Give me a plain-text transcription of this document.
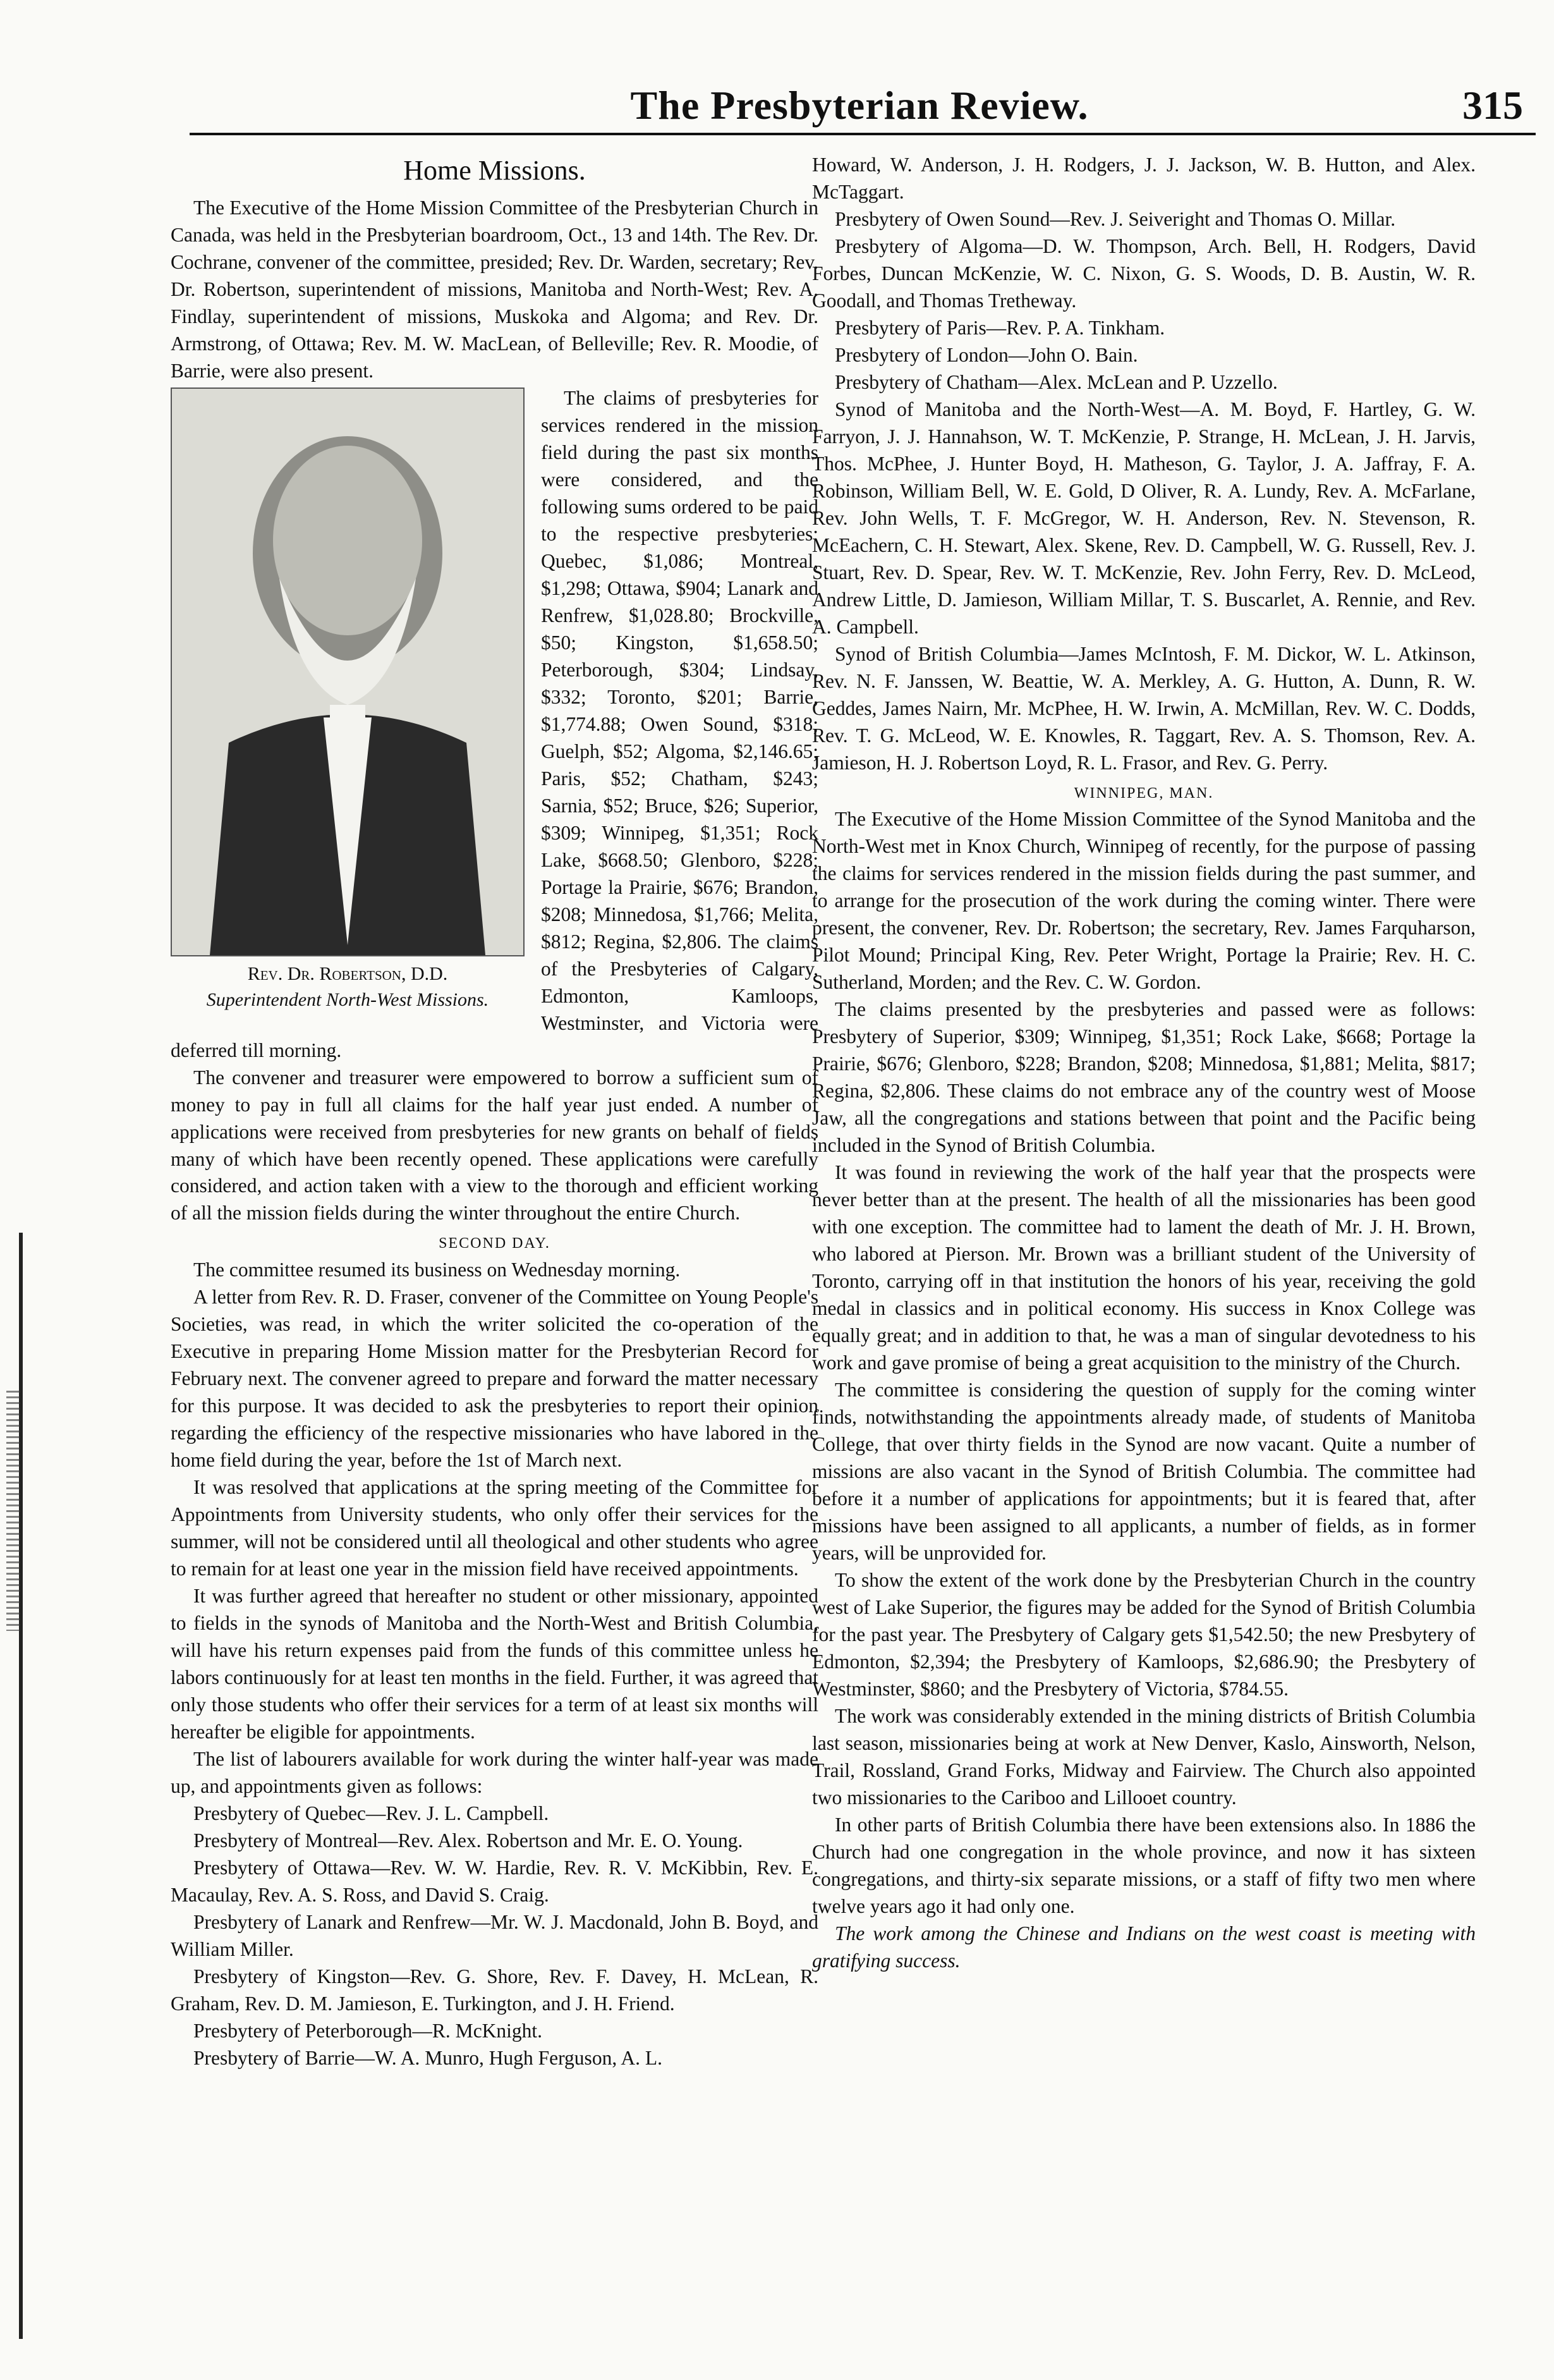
The Presbyterian Review.	315
Home Missions.

The Executive of the Home Mission Committee of the Presbyterian Church in Canada, was held in the Presbyterian boardroom, Oct., 13 and 14th. The Rev. Dr. Cochrane, convener of the committee, presided; Rev. Dr. Warden, secretary; Rev. Dr. Robertson, superintendent of missions, Manitoba and North-West; Rev. A. Findlay, superintendent of missions, Muskoka and Algoma; and Rev. Dr. Armstrong, of Ottawa; Rev. M. W. MacLean, of Belleville; Rev. R. Moodie, of Barrie, were also present.

Rev. Dr. Robertson, D.D.
Superintendent North-West Missions.

The claims of presbyteries for services rendered in the mission field during the past six months were considered, and the following sums ordered to be paid to the respective presbyteries: Quebec, $1,086; Montreal, $1,298; Ottawa, $904; Lanark and Renfrew, $1,028.80; Brockville, $50; Kingston, $1,658.50; Peterborough, $304; Lindsay, $332; Toronto, $201; Barrie, $1,774.88; Owen Sound, $318; Guelph, $52; Algoma, $2,146.65; Paris, $52; Chatham, $243; Sarnia, $52; Bruce, $26; Superior, $309; Winnipeg, $1,351; Rock Lake, $668.50; Glenboro, $228; Portage la Prairie, $676; Brandon, $208; Minnedosa, $1,766; Melita, $812; Regina, $2,806. The claims of the Presbyteries of Calgary, Edmonton, Kamloops, Westminster, and Victoria were deferred till morning.

The convener and treasurer were empowered to borrow a sufficient sum of money to pay in full all claims for the half year just ended. A number of applications were received from presbyteries for new grants on behalf of fields many of which have been recently opened. These applications were carefully considered, and action taken with a view to the thorough and efficient working of all the mission fields during the winter throughout the entire Church.

SECOND DAY.

The committee resumed its business on Wednesday morning.

A letter from Rev. R. D. Fraser, convener of the Committee on Young People's Societies, was read, in which the writer solicited the co-operation of the Executive in preparing Home Mission matter for the Presbyterian Record for February next. The convener agreed to prepare and forward the matter necessary for this purpose. It was decided to ask the presbyteries to report their opinion regarding the efficiency of the respective missionaries who have labored in the home field during the year, before the 1st of March next.

It was resolved that applications at the spring meeting of the Committee for Appointments from University students, who only offer their services for the summer, will not be considered until all theological and other students who agree to remain for at least one year in the mission field have received appointments.

It was further agreed that hereafter no student or other missionary, appointed to fields in the synods of Manitoba and the North-West and British Columbia, will have his return expenses paid from the funds of this committee unless he labors continuously for at least ten months in the field. Further, it was agreed that only those students who offer their services for a term of at least six months will hereafter be eligible for appointments.

The list of labourers available for work during the winter half-year was made up, and appointments given as follows:

Presbytery of Quebec—Rev. J. L. Campbell.

Presbytery of Montreal—Rev. Alex. Robertson and Mr. E. O. Young.

Presbytery of Ottawa—Rev. W. W. Hardie, Rev. R. V. McKibbin, Rev. E. Macaulay, Rev. A. S. Ross, and David S. Craig.

Presbytery of Lanark and Renfrew—Mr. W. J. Macdonald, John B. Boyd, and William Miller.

Presbytery of Kingston—Rev. G. Shore, Rev. F. Davey, H. McLean, R. Graham, Rev. D. M. Jamieson, E. Turkington, and J. H. Friend.

Presbytery of Peterborough—R. McKnight.

Presbytery of Barrie—W. A. Munro, Hugh Ferguson, A. L.

Howard, W. Anderson, J. H. Rodgers, J. J. Jackson, W. B. Hutton, and Alex. McTaggart.

Presbytery of Owen Sound—Rev. J. Seiveright and Thomas O. Millar.

Presbytery of Algoma—D. W. Thompson, Arch. Bell, H. Rodgers, David Forbes, Duncan McKenzie, W. C. Nixon, G. S. Woods, D. B. Austin, W. R. Goodall, and Thomas Tretheway.

Presbytery of Paris—Rev. P. A. Tinkham.

Presbytery of London—John O. Bain.

Presbytery of Chatham—Alex. McLean and P. Uzzello.

Synod of Manitoba and the North-West—A. M. Boyd, F. Hartley, G. W. Farryon, J. J. Hannahson, W. T. McKenzie, P. Strange, H. McLean, J. H. Jarvis, Thos. McPhee, J. Hunter Boyd, H. Matheson, G. Taylor, J. A. Jaffray, F. A. Robinson, William Bell, W. E. Gold, D Oliver, R. A. Lundy, Rev. A. McFarlane, Rev. John Wells, T. F. McGregor, W. H. Anderson, Rev. N. Stevenson, R. McEachern, C. H. Stewart, Alex. Skene, Rev. D. Campbell, W. G. Russell, Rev. J. Stuart, Rev. D. Spear, Rev. W. T. McKenzie, Rev. John Ferry, Rev. D. McLeod, Andrew Little, D. Jamieson, William Millar, T. S. Buscarlet, A. Rennie, and Rev. A. Campbell.

Synod of British Columbia—James McIntosh, F. M. Dickor, W. L. Atkinson, Rev. N. F. Janssen, W. Beattie, W. A. Merkley, A. G. Hutton, A. Dunn, R. W. Geddes, James Nairn, Mr. McPhee, H. W. Irwin, A. McMillan, Rev. W. C. Dodds, Rev. T. G. McLeod, W. E. Knowles, R. Taggart, Rev. A. S. Thomson, Rev. A. Jamieson, H. J. Robertson Loyd, R. L. Frasor, and Rev. G. Perry.

WINNIPEG, MAN.

The Executive of the Home Mission Committee of the Synod Manitoba and the North-West met in Knox Church, Winnipeg of recently, for the purpose of passing the claims for services rendered in the mission fields during the past summer, and to arrange for the prosecution of the work during the coming winter. There were present, the convener, Rev. Dr. Robertson; the secretary, Rev. James Farquharson, Pilot Mound; Principal King, Rev. Peter Wright, Portage la Prairie; Rev. H. C. Sutherland, Morden; and the Rev. C. W. Gordon.

The claims presented by the presbyteries and passed were as follows: Presbytery of Superior, $309; Winnipeg, $1,351; Rock Lake, $668; Portage la Prairie, $676; Glenboro, $228; Brandon, $208; Minnedosa, $1,881; Melita, $817; Regina, $2,806. These claims do not embrace any of the country west of Moose Jaw, all the congregations and stations between that point and the Pacific being included in the Synod of British Columbia.

It was found in reviewing the work of the half year that the prospects were never better than at the present. The health of all the missionaries has been good with one exception. The committee had to lament the death of Mr. J. H. Brown, who labored at Pierson. Mr. Brown was a brilliant student of the University of Toronto, carrying off in that institution the honors of his year, receiving the gold medal in classics and in political economy. His success in Knox College was equally great; and in addition to that, he was a man of singular devotedness to his work and gave promise of being a great acquisition to the ministry of the Church.

The committee is considering the question of supply for the coming winter finds, notwithstanding the appointments already made, of students of Manitoba College, that over thirty fields in the Synod are now vacant. Quite a number of missions are also vacant in the Synod of British Columbia. The committee had before it a number of applications for appointments; but it is feared that, after missions have been assigned to all applicants, a number of fields, as in former years, will be unprovided for.

To show the extent of the work done by the Presbyterian Church in the country west of Lake Superior, the figures may be added for the Synod of British Columbia for the past year. The Presbytery of Calgary gets $1,542.50; the new Presbytery of Edmonton, $2,394; the Presbytery of Kamloops, $2,686.90; the Presbytery of Westminster, $860; and the Presbytery of Victoria, $784.55.

The work was considerably extended in the mining districts of British Columbia last season, missionaries being at work at New Denver, Kaslo, Ainsworth, Nelson, Trail, Rossland, Grand Forks, Midway and Fairview. The Church also appointed two missionaries to the Cariboo and Lillooet country.

In other parts of British Columbia there have been extensions also. In 1886 the Church had one congregation in the whole province, and now it has sixteen congregations, and thirty-six separate missions, or a staff of fifty two men where twelve years ago it had only one.

The work among the Chinese and Indians on the west coast is meeting with gratifying success.
